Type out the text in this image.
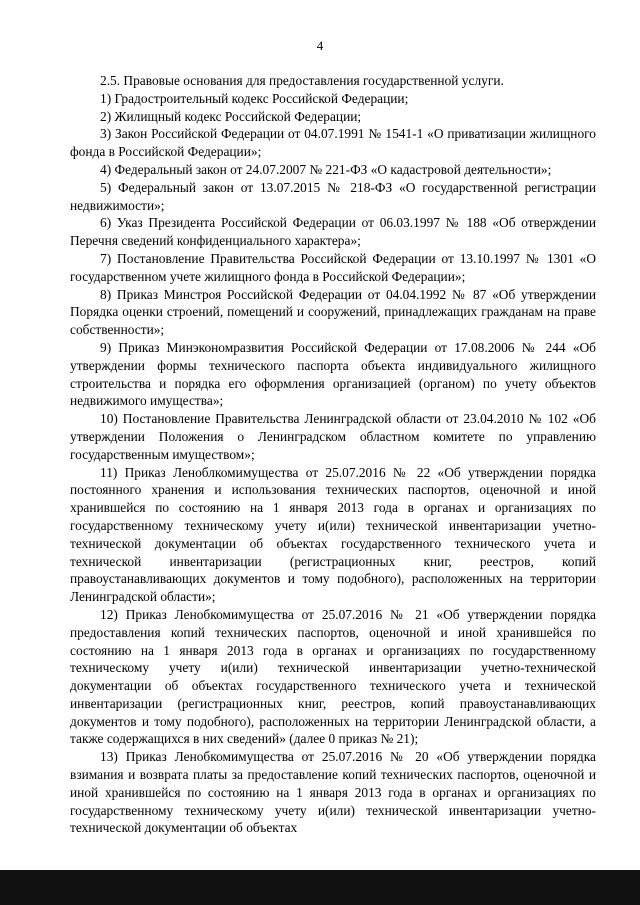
4

2.5. Правовые основания для предоставления государственной услуги.

1) Градостроительный кодекс Российской Федерации;

2) Жилищный кодекс Российской Федерации;

3) Закон Российской Федерации от 04.07.1991 № 1541-1 «О приватизации жилищного фонда в Российской Федерации»;

4) Федеральный закон от 24.07.2007 № 221-ФЗ «О кадастровой деятельности»;

5) Федеральный закон от 13.07.2015 № 218-ФЗ «О государственной регистрации недвижимости»;

6) Указ Президента Российской Федерации от 06.03.1997 № 188 «Об отверждении Перечня сведений конфиденциального характера»;

7) Постановление Правительства Российской Федерации от 13.10.1997 № 1301 «О государственном учете жилищного фонда в Российской Федерации»;

8) Приказ Минстроя Российской Федерации от 04.04.1992 № 87 «Об утверждении Порядка оценки строений, помещений и сооружений, принадлежащих гражданам на праве собственности»;

9) Приказ Минэкономразвития Российской Федерации от 17.08.2006 № 244 «Об утверждении формы технического паспорта объекта индивидуального жилищного строительства и порядка его оформления организацией (органом) по учету объектов недвижимого имущества»;

10) Постановление Правительства Ленинградской области от 23.04.2010 № 102 «Об утверждении Положения о Ленинградском областном комитете по управлению государственным имуществом»;

11) Приказ Леноблкомимущества от 25.07.2016 № 22 «Об утверждении порядка постоянного хранения и использования технических паспортов, оценочной и иной хранившейся по состоянию на 1 января 2013 года в органах и организациях по государственному техническому учету и(или) технической инвентаризации учетно-технической документации об объектах государственного технического учета и технической инвентаризации (регистрационных книг, реестров, копий правоустанавливающих документов и тому подобного), расположенных на территории Ленинградской области»;

12) Приказ Ленобкомимущества от 25.07.2016 № 21 «Об утверждении порядка предоставления копий технических паспортов, оценочной и иной хранившейся по состоянию на 1 января 2013 года в органах и организациях по государственному техническому учету и(или) технической инвентаризации учетно-технической документации об объектах государственного технического учета и технической инвентаризации (регистрационных книг, реестров, копий правоустанавливающих документов и тому подобного), расположенных на территории Ленинградской области, а также содержащихся в них сведений» (далее 0 приказ № 21);

13) Приказ Ленобкомимущества от 25.07.2016 № 20 «Об утверждении порядка взимания и возврата платы за предоставление копий технических паспортов, оценочной и иной хранившейся по состоянию на 1 января 2013 года в органах и организациях по государственному техническому учету и(или) технической инвентаризации учетно-технической документации об объектах
